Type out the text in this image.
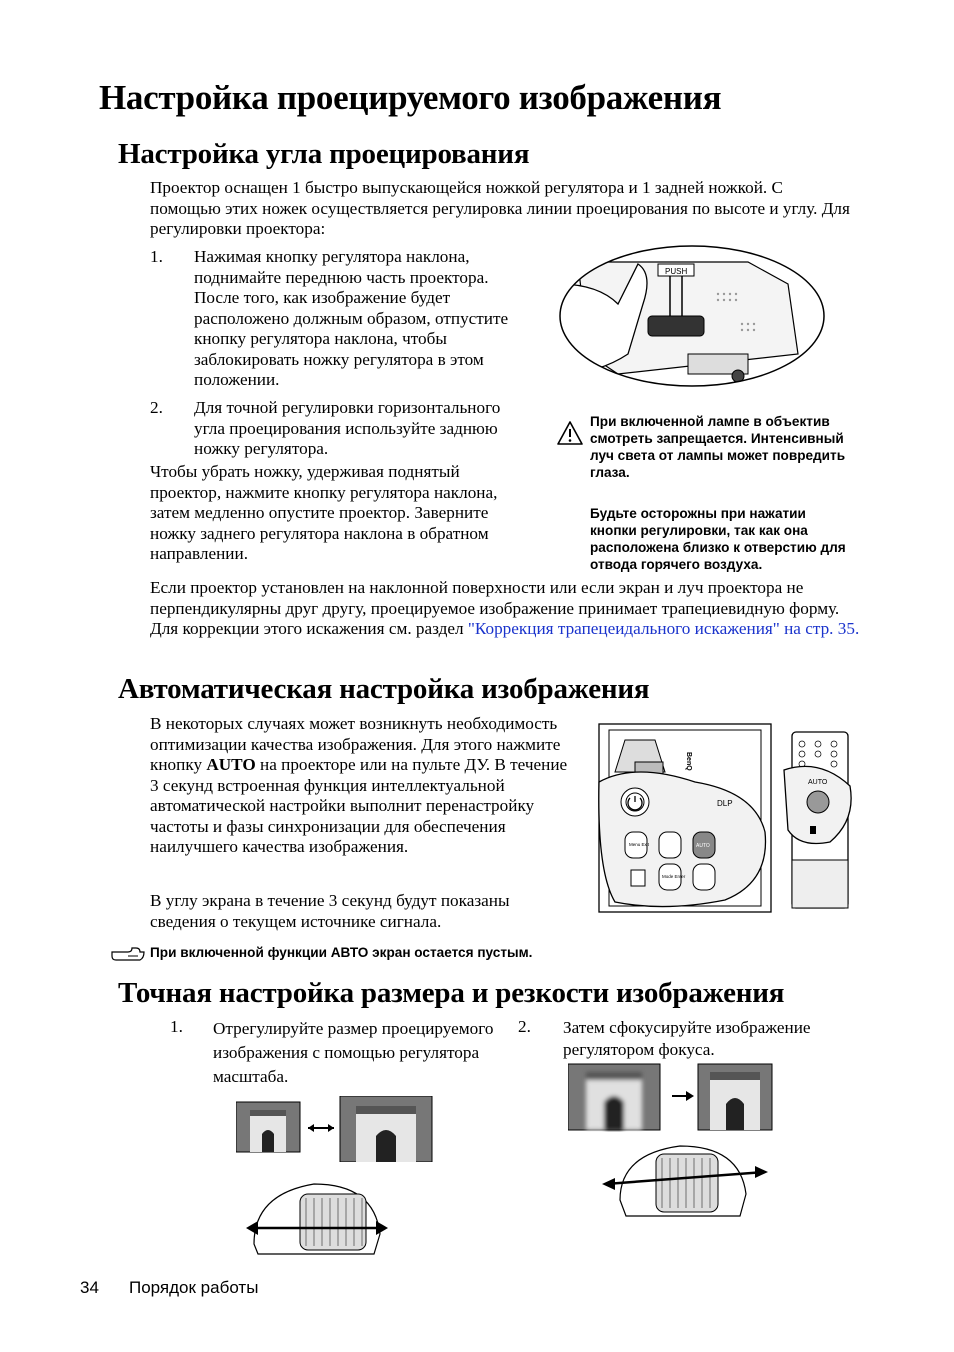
Настройка проецируемого изображения
Настройка угла проецирования
Проектор оснащен 1 быстро выпускающейся ножкой регулятора и 1 задней ножкой. С помощью этих ножек осуществляется регулировка линии проецирования по высоте и углу. Для регулировки проектора:
1. Нажимая кнопку регулятора наклона, поднимайте переднюю часть проектора. После того, как изображение будет расположено должным образом, отпустите кнопку регулятора наклона, чтобы заблокировать ножку регулятора в этом положении.
2. Для точной регулировки горизонтального угла проецирования используйте заднюю ножку регулятора.
Чтобы убрать ножку, удерживая поднятый проектор, нажмите кнопку регулятора наклона, затем медленно опустите проектор. Заверните ножку заднего регулятора наклона в обратном направлении.
Если проектор установлен на наклонной поверхности или если экран и луч проектора не перпендикулярны друг другу, проецируемое изображение принимает трапециевидную форму. Для коррекции этого искажения см. раздел "Коррекция трапецеидального искажения" на стр. 35.
PUSH
При включенной лампе в объектив смотреть запрещается. Интенсивный луч света от лампы может повредить глаза.
Будьте осторожны при нажатии кнопки регулировки, так как она расположена близко к отверстию для отвода горячего воздуха.
Автоматическая настройка изображения
В некоторых случаях может возникнуть необходимость оптимизации качества изображения. Для этого нажмите кнопку AUTO на проекторе или на пульте ДУ. В течение 3 секунд встроенная функция интеллектуальной автоматической настройки выполнит перенастройку частоты и фазы синхронизации для обеспечения наилучшего качества изображения.
В углу экрана в течение 3 секунд будут показаны сведения о текущем источнике сигнала.
BenQ
DLP
Menu Exit	AUTO
Mode Enter
AUTO
При включенной функции АВТО экран остается пустым.
Точная настройка размера и резкости изображения
1. Отрегулируйте размер проецируемого изображения с помощью регулятора масштаба.
2. Затем сфокусируйте изображение регулятором фокуса.
34 Порядок работы
